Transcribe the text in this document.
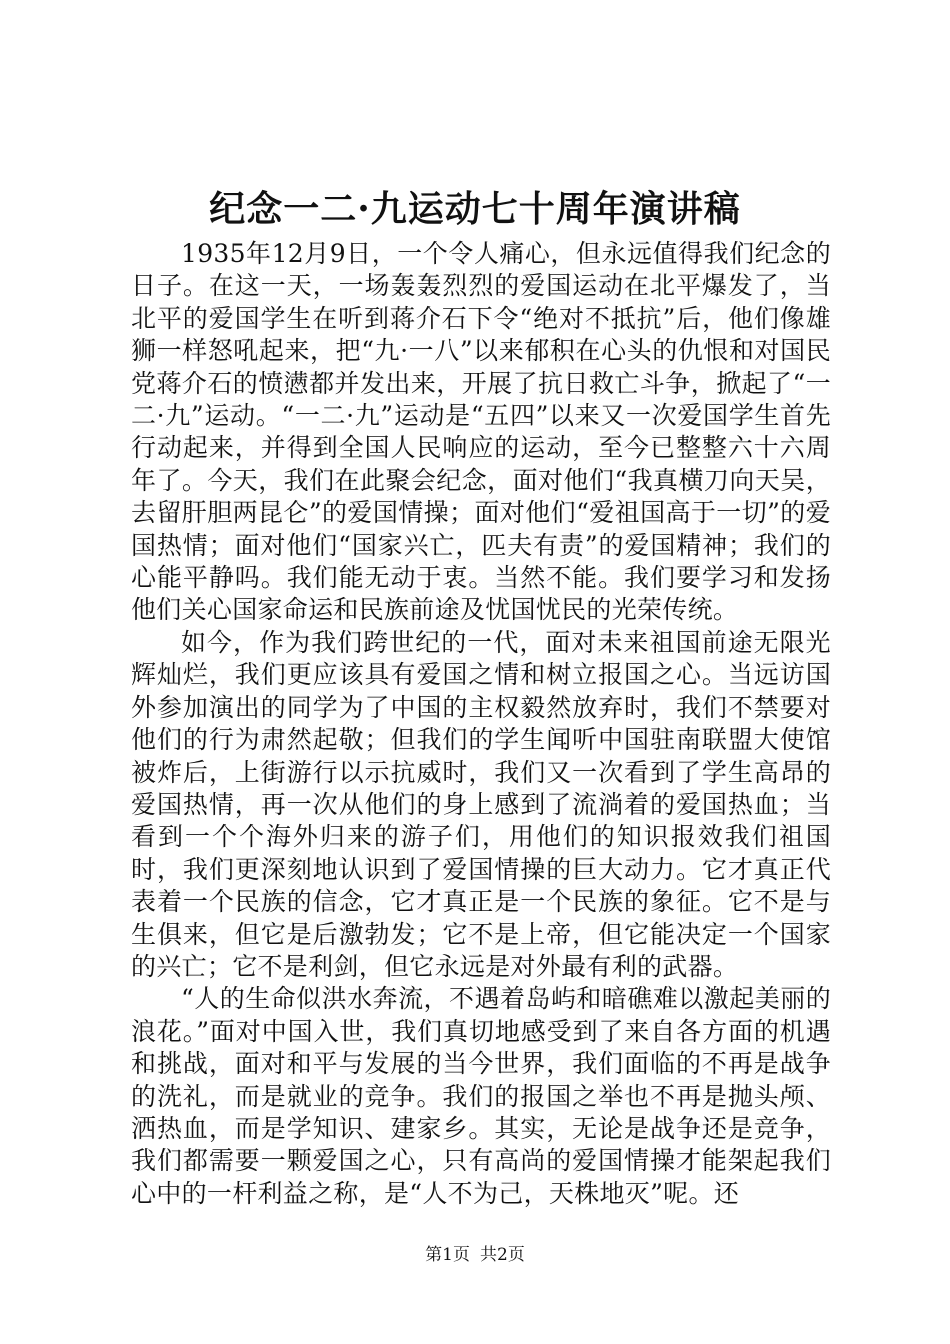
纪念一二·九运动七十周年演讲稿

1935年12月9日，一个令人痛心，但永远值得我们纪念的日子。在这一天，一场轰轰烈烈的爱国运动在北平爆发了，当北平的爱国学生在听到蒋介石下令“绝对不抵抗”后，他们像雄狮一样怒吼起来，把“九·一八”以来郁积在心头的仇恨和对国民党蒋介石的愤懑都并发出来，开展了抗日救亡斗争，掀起了“一二·九”运动。“一二·九”运动是“五四”以来又一次爱国学生首先行动起来，并得到全国人民响应的运动，至今已整整六十六周年了。今天，我们在此聚会纪念，面对他们“我真横刀向天吴，去留肝胆两昆仑”的爱国情操；面对他们“爱祖国高于一切”的爱国热情；面对他们“国家兴亡，匹夫有责”的爱国精神；我们的心能平静吗。我们能无动于衷。当然不能。我们要学习和发扬他们关心国家命运和民族前途及忧国忧民的光荣传统。

如今，作为我们跨世纪的一代，面对未来祖国前途无限光辉灿烂，我们更应该具有爱国之情和树立报国之心。当远访国外参加演出的同学为了中国的主权毅然放弃时，我们不禁要对他们的行为肃然起敬；但我们的学生闻听中国驻南联盟大使馆被炸后，上街游行以示抗威时，我们又一次看到了学生高昂的爱国热情，再一次从他们的身上感到了流淌着的爱国热血；当看到一个个海外归来的游子们，用他们的知识报效我们祖国时，我们更深刻地认识到了爱国情操的巨大动力。它才真正代表着一个民族的信念，它才真正是一个民族的象征。它不是与生俱来，但它是后激勃发；它不是上帝，但它能决定一个国家的兴亡；它不是利剑，但它永远是对外最有利的武器。

“人的生命似洪水奔流，不遇着岛屿和暗礁难以激起美丽的浪花。”面对中国入世，我们真切地感受到了来自各方面的机遇和挑战，面对和平与发展的当今世界，我们面临的不再是战争的洗礼，而是就业的竞争。我们的报国之举也不再是抛头颅、洒热血，而是学知识、建家乡。其实，无论是战争还是竞争，我们都需要一颗爱国之心，只有高尚的爱国情操才能架起我们心中的一杆利益之称，是“人不为己，天株地灭”呢。还

第1页 共2页
